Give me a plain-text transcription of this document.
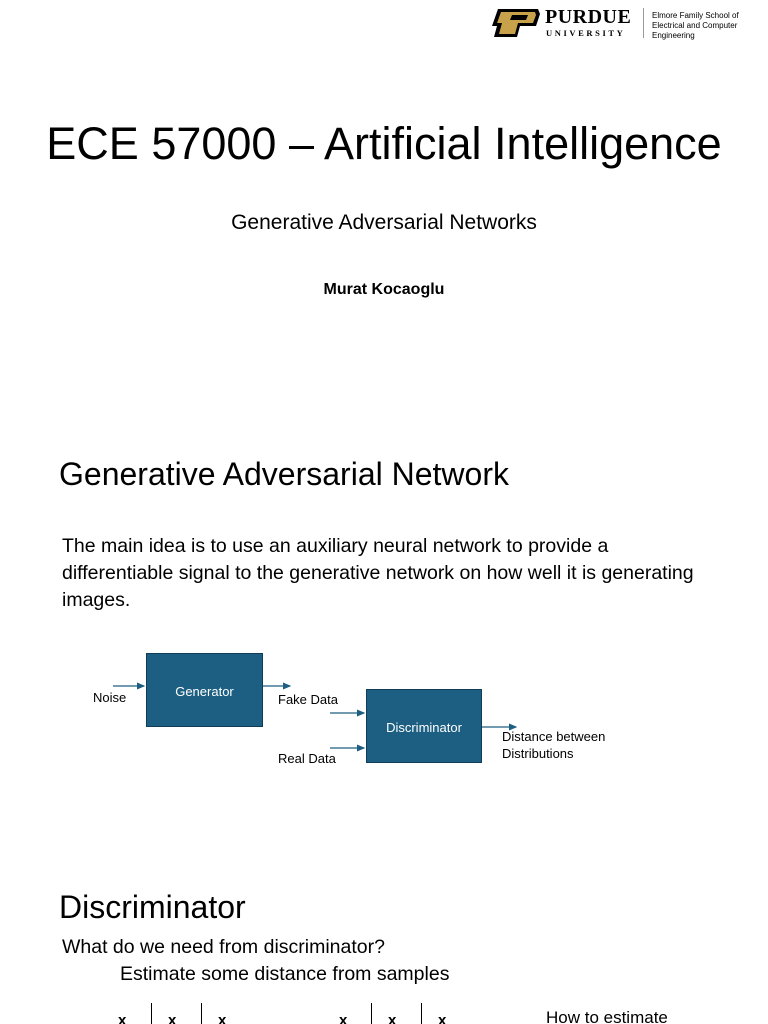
PURDUE
UNIVERSITY
Elmore Family School of Electrical and Computer Engineering
ECE 57000 – Artificial Intelligence
Generative Adversarial Networks
Murat Kocaoglu
Generative Adversarial Network

The main idea is to use an auxiliary neural network to provide a differentiable signal to the generative network on how well it is generating images.

Noise	Generator
Fake Data
Real Data
Discriminator
Distance between
Distributions
Discriminator
What do we need from discriminator?
Estimate some distance from samples
x	x	x	x	x	x	How to estimate
